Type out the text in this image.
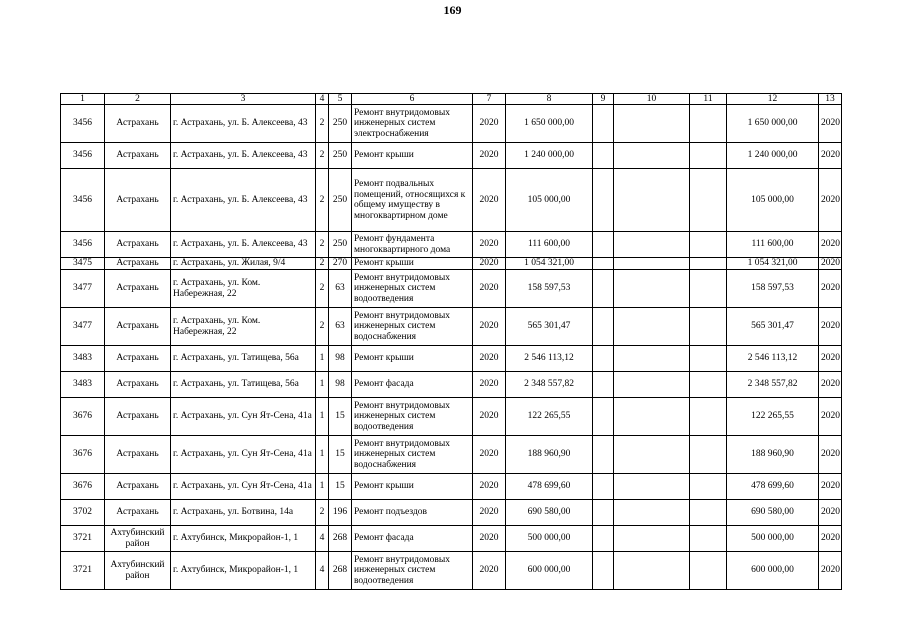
169
1	2	3	4	5	6	7	8	9	10	11	12	13
3456	Астрахань	г. Астрахань, ул. Б. Алексеева, 43	2	250	Ремонт внутридомовых инженерных систем электроснабжения	2020	1 650 000,00				1 650 000,00	2020
3456	Астрахань	г. Астрахань, ул. Б. Алексеева, 43	2	250	Ремонт крыши	2020	1 240 000,00				1 240 000,00	2020
3456	Астрахань	г. Астрахань, ул. Б. Алексеева, 43	2	250	Ремонт подвальных помещений, относящихся к общему имуществу в многоквартирном доме	2020	105 000,00				105 000,00	2020
3456	Астрахань	г. Астрахань, ул. Б. Алексеева, 43	2	250	Ремонт фундамента многоквартирного дома	2020	111 600,00				111 600,00	2020
3475	Астрахань	г. Астрахань, ул. Жилая, 9/4	2	270	Ремонт крыши	2020	1 054 321,00				1 054 321,00	2020
3477	Астрахань	г. Астрахань, ул. Ком. Набережная, 22	2	63	Ремонт внутридомовых инженерных систем водоотведения	2020	158 597,53				158 597,53	2020
3477	Астрахань	г. Астрахань, ул. Ком. Набережная, 22	2	63	Ремонт внутридомовых инженерных систем водоснабжения	2020	565 301,47				565 301,47	2020
3483	Астрахань	г. Астрахань, ул. Татищева, 56а	1	98	Ремонт крыши	2020	2 546 113,12				2 546 113,12	2020
3483	Астрахань	г. Астрахань, ул. Татищева, 56а	1	98	Ремонт фасада	2020	2 348 557,82				2 348 557,82	2020
3676	Астрахань	г. Астрахань, ул. Сун Ят-Сена, 41а	1	15	Ремонт внутридомовых инженерных систем водоотведения	2020	122 265,55				122 265,55	2020
3676	Астрахань	г. Астрахань, ул. Сун Ят-Сена, 41а	1	15	Ремонт внутридомовых инженерных систем водоснабжения	2020	188 960,90				188 960,90	2020
3676	Астрахань	г. Астрахань, ул. Сун Ят-Сена, 41а	1	15	Ремонт крыши	2020	478 699,60				478 699,60	2020
3702	Астрахань	г. Астрахань, ул. Ботвина, 14а	2	196	Ремонт подъездов	2020	690 580,00				690 580,00	2020
3721	Ахтубинский район	г. Ахтубинск, Микрорайон-1, 1	4	268	Ремонт фасада	2020	500 000,00				500 000,00	2020
3721	Ахтубинский район	г. Ахтубинск, Микрорайон-1, 1	4	268	Ремонт внутридомовых инженерных систем водоотведения	2020	600 000,00				600 000,00	2020
